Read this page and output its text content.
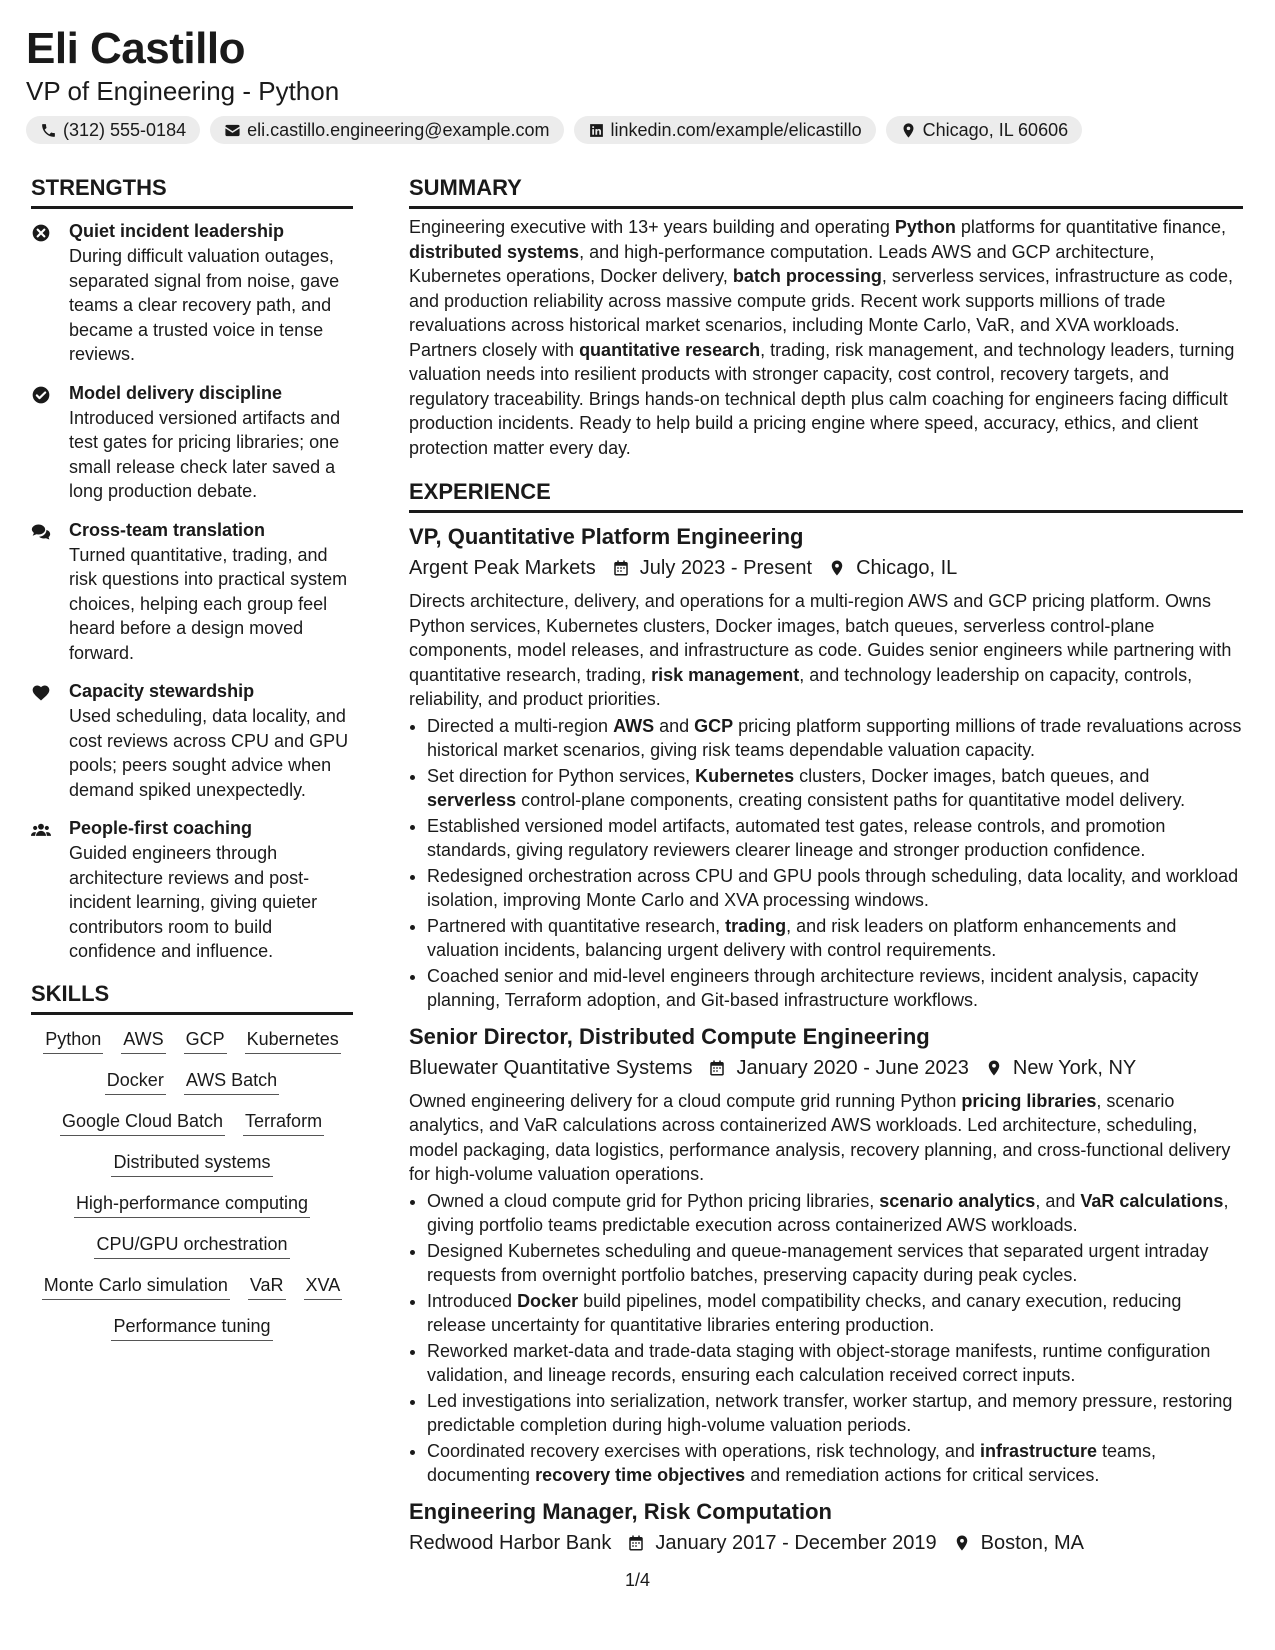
Eli Castillo
VP of Engineering - Python
(312) 555-0184	eli.castillo.engineering@example.com	linkedin.com/example/elicastillo	Chicago, IL 60606
STRENGTHS
Quiet incident leadership
During difficult valuation outages, separated signal from noise, gave teams a clear recovery path, and became a trusted voice in tense reviews.
Model delivery discipline
Introduced versioned artifacts and test gates for pricing libraries; one small release check later saved a long production debate.
Cross-team translation
Turned quantitative, trading, and risk questions into practical system choices, helping each group feel heard before a design moved forward.
Capacity stewardship
Used scheduling, data locality, and cost reviews across CPU and GPU pools; peers sought advice when demand spiked unexpectedly.
People-first coaching
Guided engineers through architecture reviews and post-incident learning, giving quieter contributors room to build confidence and influence.
SKILLS
Python AWS GCP Kubernetes
Docker AWS Batch
Google Cloud Batch Terraform
Distributed systems
High-performance computing
CPU/GPU orchestration
Monte Carlo simulation VaR XVA
Performance tuning
SUMMARY
Engineering executive with 13+ years building and operating Python platforms for quantitative finance, distributed systems, and high-performance computation. Leads AWS and GCP architecture, Kubernetes operations, Docker delivery, batch processing, serverless services, infrastructure as code, and production reliability across massive compute grids. Recent work supports millions of trade revaluations across historical market scenarios, including Monte Carlo, VaR, and XVA workloads. Partners closely with quantitative research, trading, risk management, and technology leaders, turning valuation needs into resilient products with stronger capacity, cost control, recovery targets, and regulatory traceability. Brings hands-on technical depth plus calm coaching for engineers facing difficult production incidents. Ready to help build a pricing engine where speed, accuracy, ethics, and client protection matter every day.
EXPERIENCE
VP, Quantitative Platform Engineering
Argent Peak Markets July 2023 - Present Chicago, IL
Directs architecture, delivery, and operations for a multi-region AWS and GCP pricing platform. Owns Python services, Kubernetes clusters, Docker images, batch queues, serverless control-plane components, model releases, and infrastructure as code. Guides senior engineers while partnering with quantitative research, trading, risk management, and technology leadership on capacity, controls, reliability, and product priorities.
• Directed a multi-region AWS and GCP pricing platform supporting millions of trade revaluations across historical market scenarios, giving risk teams dependable valuation capacity.
• Set direction for Python services, Kubernetes clusters, Docker images, batch queues, and serverless control-plane components, creating consistent paths for quantitative model delivery.
• Established versioned model artifacts, automated test gates, release controls, and promotion standards, giving regulatory reviewers clearer lineage and stronger production confidence.
• Redesigned orchestration across CPU and GPU pools through scheduling, data locality, and workload isolation, improving Monte Carlo and XVA processing windows.
• Partnered with quantitative research, trading, and risk leaders on platform enhancements and valuation incidents, balancing urgent delivery with control requirements.
• Coached senior and mid-level engineers through architecture reviews, incident analysis, capacity planning, Terraform adoption, and Git-based infrastructure workflows.
Senior Director, Distributed Compute Engineering
Bluewater Quantitative Systems January 2020 - June 2023 New York, NY
Owned engineering delivery for a cloud compute grid running Python pricing libraries, scenario analytics, and VaR calculations across containerized AWS workloads. Led architecture, scheduling, model packaging, data logistics, performance analysis, recovery planning, and cross-functional delivery for high-volume valuation operations.
• Owned a cloud compute grid for Python pricing libraries, scenario analytics, and VaR calculations, giving portfolio teams predictable execution across containerized AWS workloads.
• Designed Kubernetes scheduling and queue-management services that separated urgent intraday requests from overnight portfolio batches, preserving capacity during peak cycles.
• Introduced Docker build pipelines, model compatibility checks, and canary execution, reducing release uncertainty for quantitative libraries entering production.
• Reworked market-data and trade-data staging with object-storage manifests, runtime configuration validation, and lineage records, ensuring each calculation received correct inputs.
• Led investigations into serialization, network transfer, worker startup, and memory pressure, restoring predictable completion during high-volume valuation periods.
• Coordinated recovery exercises with operations, risk technology, and infrastructure teams, documenting recovery time objectives and remediation actions for critical services.
Engineering Manager, Risk Computation
Redwood Harbor Bank January 2017 - December 2019 Boston, MA
1/4
